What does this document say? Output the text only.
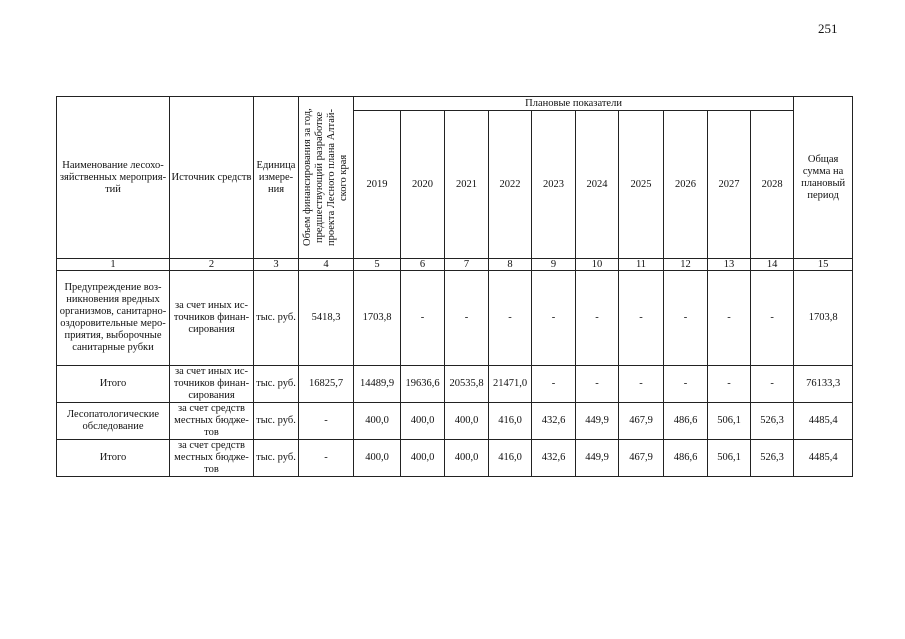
251
Наименование лесохо-зяйственных мероприя-тий	Источник средств	Единица измере-ния	Объем финансирования за год, предшествующий разработке проекта Лесного плана Алтай-ского края	Плановые показатели										Общая сумма на плановый период
				2019	2020	2021	2022	2023	2024	2025	2026	2027	2028	
1	2	3	4	5	6	7	8	9	10	11	12	13	14	15
Предупреждение воз-никновения вредных организмов, санитарно-оздоровительные меро-приятия, выборочные санитарные рубки	за счет иных ис-точников финан-сирования	тыс. руб.	5418,3	1703,8	-	-	-	-	-	-	-	-	-	1703,8
Итого	за счет иных ис-точников финан-сирования	тыс. руб.	16825,7	14489,9	19636,6	20535,8	21471,0	-	-	-	-	-	-	76133,3
Лесопатологические обследование	за счет средств местных бюдже-тов	тыс. руб.	-	400,0	400,0	400,0	416,0	432,6	449,9	467,9	486,6	506,1	526,3	4485,4
Итого	за счет средств местных бюдже-тов	тыс. руб.	-	400,0	400,0	400,0	416,0	432,6	449,9	467,9	486,6	506,1	526,3	4485,4
